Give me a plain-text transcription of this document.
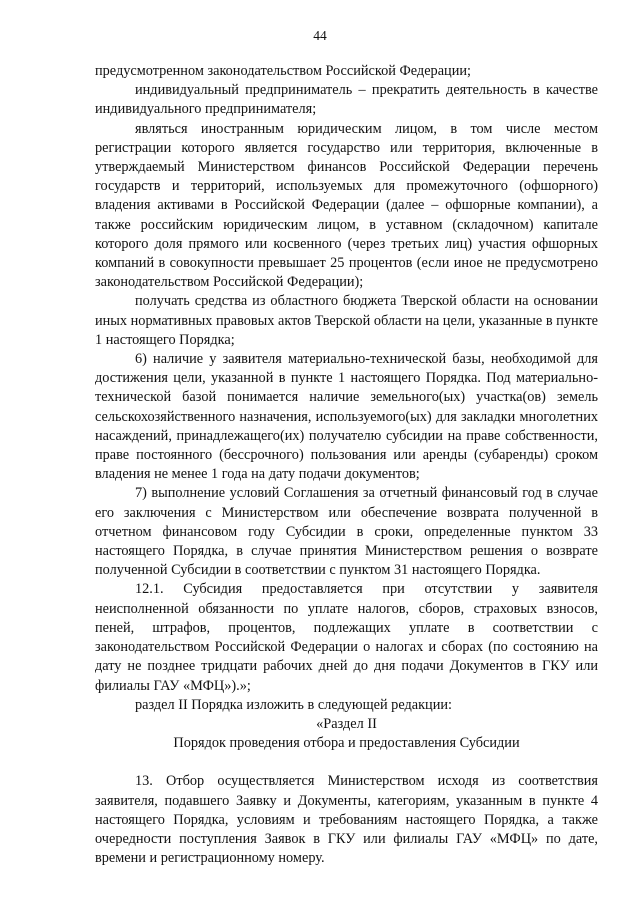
44

предусмотренном законодательством Российской Федерации;

индивидуальный предприниматель – прекратить деятельность в качестве индивидуального предпринимателя;

являться иностранным юридическим лицом, в том числе местом регистрации которого является государство или территория, включенные в утверждаемый Министерством финансов Российской Федерации перечень государств и территорий, используемых для промежуточного (офшорного) владения активами в Российской Федерации (далее – офшорные компании), а также российским юридическим лицом, в уставном (складочном) капитале которого доля прямого или косвенного (через третьих лиц) участия офшорных компаний в совокупности превышает 25 процентов (если иное не предусмотрено законодательством Российской Федерации);

получать средства из областного бюджета Тверской области на основании иных нормативных правовых актов Тверской области на цели, указанные в пункте 1 настоящего Порядка;

6) наличие у заявителя материально-технической базы, необходимой для достижения цели, указанной в пункте 1 настоящего Порядка. Под материально-технической базой понимается наличие земельного(ых) участка(ов) земель сельскохозяйственного назначения, используемого(ых) для закладки многолетних насаждений, принадлежащего(их) получателю субсидии на праве собственности, праве постоянного (бессрочного) пользования или аренды (субаренды) сроком владения не менее 1 года на дату подачи документов;

7) выполнение условий Соглашения за отчетный финансовый год в случае его заключения с Министерством или обеспечение возврата полученной в отчетном финансовом году Субсидии в сроки, определенные пунктом 33 настоящего Порядка, в случае принятия Министерством решения о возврате полученной Субсидии в соответствии с пунктом 31 настоящего Порядка.

12.1. Субсидия предоставляется при отсутствии у заявителя неисполненной обязанности по уплате налогов, сборов, страховых взносов, пеней, штрафов, процентов, подлежащих уплате в соответствии с законодательством Российской Федерации о налогах и сборах (по состоянию на дату не позднее тридцати рабочих дней до дня подачи Документов в ГКУ или филиалы ГАУ «МФЦ»).»;

раздел II Порядка изложить в следующей редакции:

«Раздел II

Порядок проведения отбора и предоставления Субсидии

13. Отбор осуществляется Министерством исходя из соответствия заявителя, подавшего Заявку и Документы, категориям, указанным в пункте 4 настоящего Порядка, условиям и требованиям настоящего Порядка, а также очередности поступления Заявок в ГКУ или филиалы ГАУ «МФЦ» по дате, времени и регистрационному номеру.
